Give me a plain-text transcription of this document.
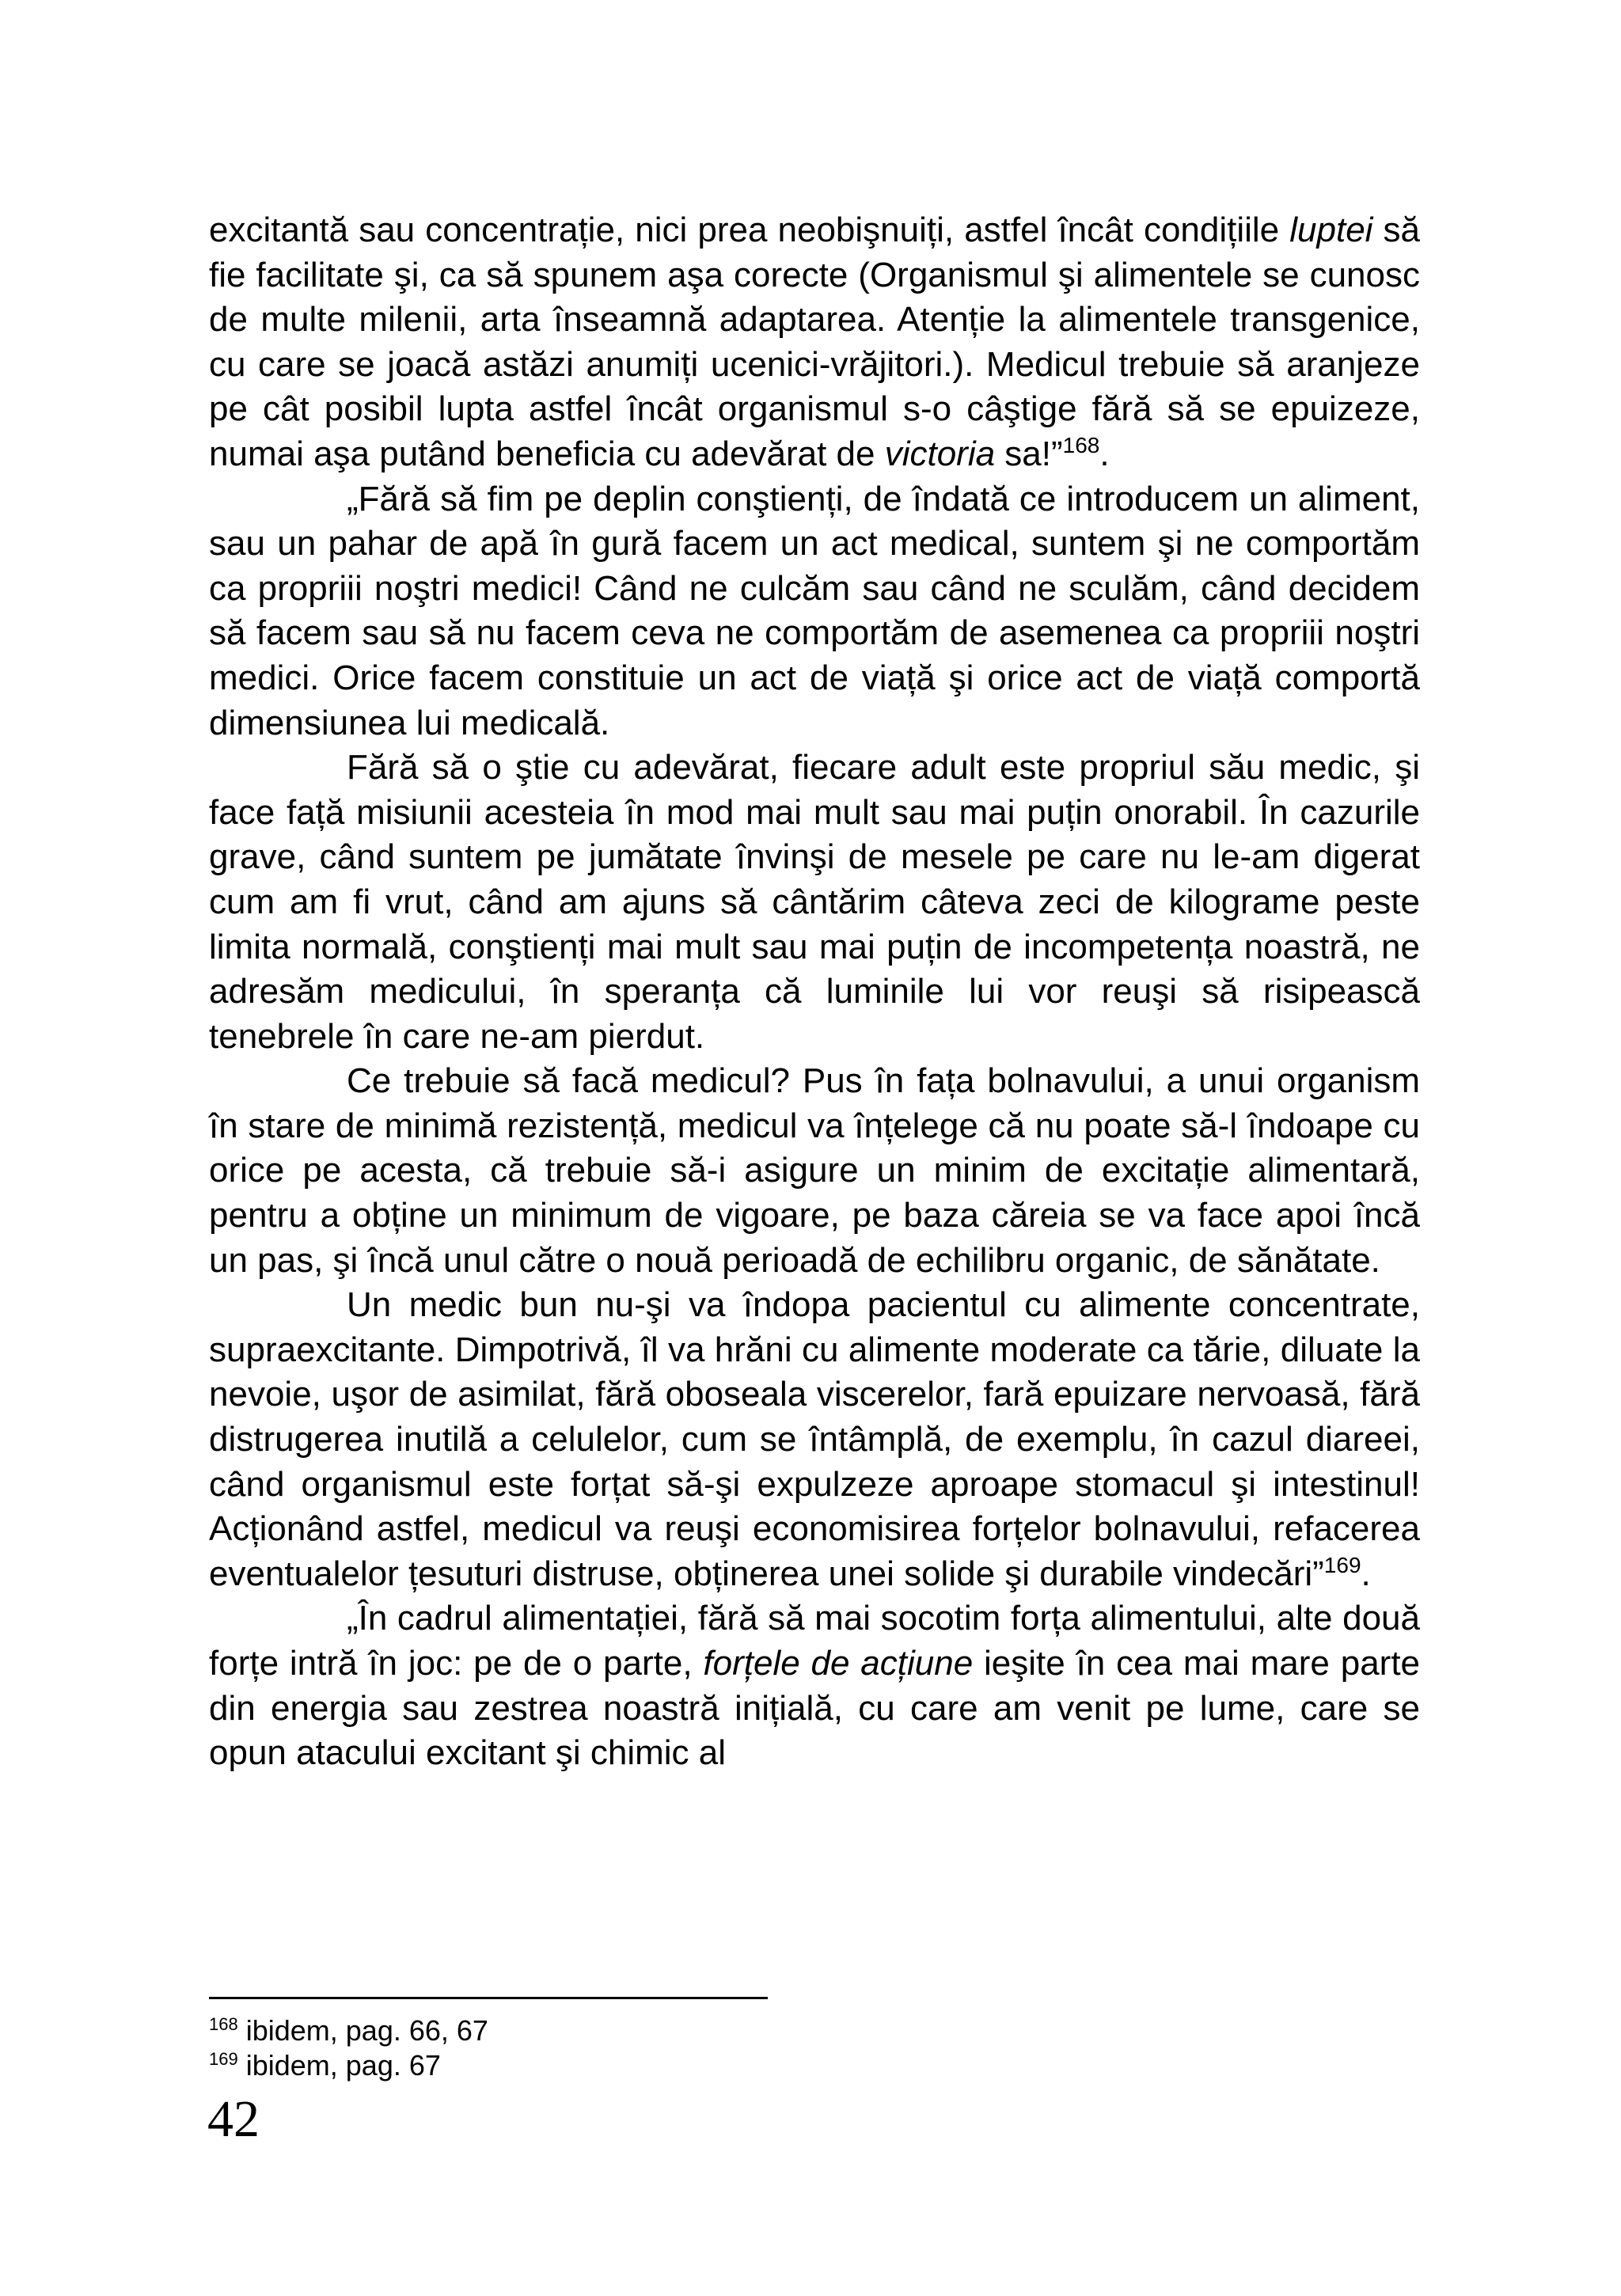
excitantă sau concentrație, nici prea neobişnuiți, astfel încât condițiile luptei să fie facilitate şi, ca să spunem aşa corecte (Organismul şi alimentele se cunosc de multe milenii, arta înseamnă adaptarea. Atenție la alimentele transgenice, cu care se joacă astăzi anumiți ucenici-vrăjitori.). Medicul trebuie să aranjeze pe cât posibil lupta astfel încât organismul s-o câştige fără să se epuizeze, numai aşa putând beneficia cu adevărat de victoria sa!”$^{168}$.

„Fără să fim pe deplin conştienți, de îndată ce introducem un aliment, sau un pahar de apă în gură facem un act medical, suntem şi ne comportăm ca propriii noştri medici! Când ne culcăm sau când ne sculăm, când decidem să facem sau să nu facem ceva ne comportăm de asemenea ca propriii noştri medici. Orice facem constituie un act de viață şi orice act de viață comportă dimensiunea lui medicală.

Fără să o ştie cu adevărat, fiecare adult este propriul său medic, şi face față misiunii acesteia în mod mai mult sau mai puțin onorabil. În cazurile grave, când suntem pe jumătate învinşi de mesele pe care nu le-am digerat cum am fi vrut, când am ajuns să cântărim câteva zeci de kilograme peste limita normală, conştienți mai mult sau mai puțin de incompetența noastră, ne adresăm medicului, în speranța că luminile lui vor reuşi să risipească tenebrele în care ne-am pierdut.

Ce trebuie să facă medicul? Pus în fața bolnavului, a unui organism în stare de minimă rezistență, medicul va înțelege că nu poate să-l îndoape cu orice pe acesta, că trebuie să-i asigure un minim de excitație alimentară, pentru a obține un minimum de vigoare, pe baza căreia se va face apoi încă un pas, şi încă unul către o nouă perioadă de echilibru organic, de sănătate.

Un medic bun nu-şi va îndopa pacientul cu alimente concentrate, supraexcitante. Dimpotrivă, îl va hrăni cu alimente moderate ca tărie, diluate la nevoie, uşor de asimilat, fără oboseala viscerelor, fară epuizare nervoasă, fără distrugerea inutilă a celulelor, cum se întâmplă, de exemplu, în cazul diareei, când organismul este forțat să-şi expulzeze aproape stomacul şi intestinul! Acționând astfel, medicul va reuşi economisirea forțelor bolnavului, refacerea eventualelor țesuturi distruse, obținerea unei solide şi durabile vindecări”$^{169}$.

„În cadrul alimentației, fără să mai socotim forța alimentului, alte două forțe intră în joc: pe de o parte, forțele de acțiune ieşite în cea mai mare parte din energia sau zestrea noastră inițială, cu care am venit pe lume, care se opun atacului excitant şi chimic al

$^{168}$ ibidem, pag. 66, 67
$^{169}$ ibidem, pag. 67
42
